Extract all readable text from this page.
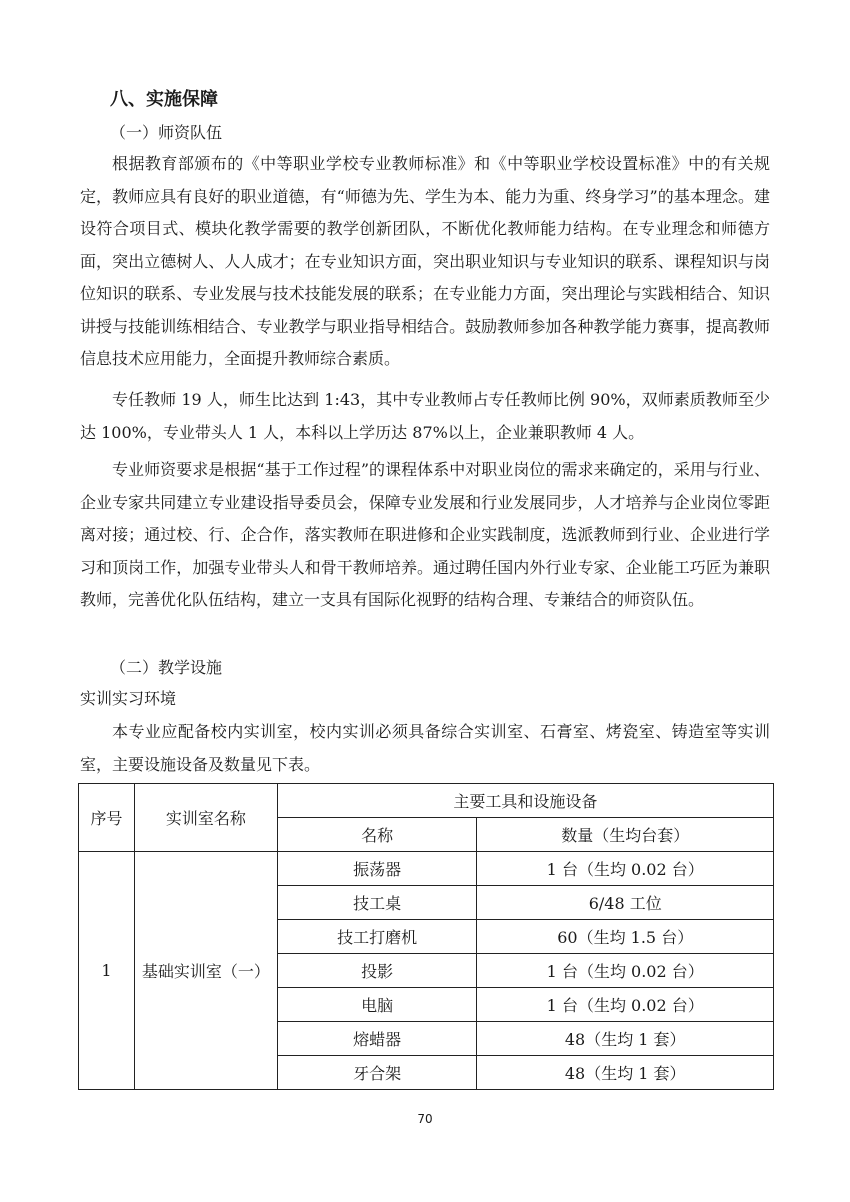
八、实施保障
（一）师资队伍

根据教育部颁布的《中等职业学校专业教师标准》和《中等职业学校设置标准》中的有关规定，教师应具有良好的职业道德，有“师德为先、学生为本、能力为重、终身学习”的基本理念。建设符合项目式、模块化教学需要的教学创新团队，不断优化教师能力结构。在专业理念和师德方面，突出立德树人、人人成才；在专业知识方面，突出职业知识与专业知识的联系、课程知识与岗位知识的联系、专业发展与技术技能发展的联系；在专业能力方面，突出理论与实践相结合、知识讲授与技能训练相结合、专业教学与职业指导相结合。鼓励教师参加各种教学能力赛事，提高教师信息技术应用能力，全面提升教师综合素质。

专任教师 19 人，师生比达到 1:43，其中专业教师占专任教师比例 90%，双师素质教师至少达 100%，专业带头人 1 人，本科以上学历达 87%以上，企业兼职教师 4 人。

专业师资要求是根据“基于工作过程”的课程体系中对职业岗位的需求来确定的，采用与行业、企业专家共同建立专业建设指导委员会，保障专业发展和行业发展同步，人才培养与企业岗位零距离对接；通过校、行、企合作，落实教师在职进修和企业实践制度，选派教师到行业、企业进行学习和顶岗工作，加强专业带头人和骨干教师培养。通过聘任国内外行业专家、企业能工巧匠为兼职教师，完善优化队伍结构，建立一支具有国际化视野的结构合理、专兼结合的师资队伍。

（二）教学设施
实训实习环境

本专业应配备校内实训室，校内实训必须具备综合实训室、石膏室、烤瓷室、铸造室等实训室，主要设施设备及数量见下表。

序号	实训室名称	主要工具和设施设备	
		名称	数量（生均台套）
1	基础实训室（一）	振荡器	1 台（生均 0.02 台）
		技工桌	6/48 工位
		技工打磨机	60（生均 1.5 台）
		投影	1 台（生均 0.02 台）
		电脑	1 台（生均 0.02 台）
		熔蜡器	48（生均 1 套）
		牙合架	48（生均 1 套）
70
